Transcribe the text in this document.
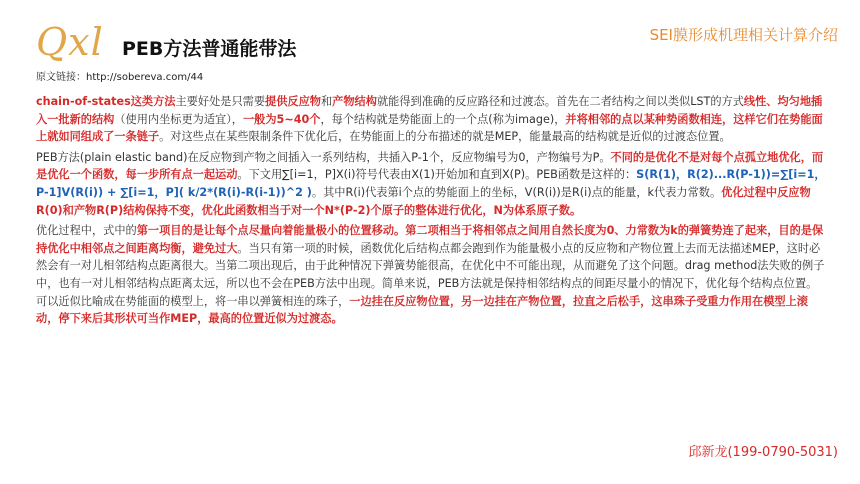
Qxl PEB方法普通能带法
SEI膜形成机理相关计算介绍
原文链接：http://sobereva.com/44

chain-of-states这类方法主要好处是只需要提供反应物和产物结构就能得到准确的反应路径和过渡态。首先在二者结构之间以类似LST的方式线性、均匀地插入一批新的结构（使用内坐标更为适宜），一般为5~40个，每个结构就是势能面上的一个点(称为image)，并将相邻的点以某种势函数相连，这样它们在势能面上就如同组成了一条链子。对这些点在某些限制条件下优化后，在势能面上的分布描述的就是MEP，能量最高的结构就是近似的过渡态位置。

PEB方法(plain elastic band)在反应物到产物之间插入一系列结构，共插入P-1个，反应物编号为0，产物编号为P。不同的是优化不是对每个点孤立地优化，而是优化一个函数，每一步所有点一起运动。下文用∑[i=1，P]X(i)符号代表由X(1)开始加和直到X(P)。PEB函数是这样的：S(R(1)，R(2)...R(P-1))=∑[i=1，P-1]V(R(i)) + ∑[i=1，P]( k/2*(R(i)-R(i-1))^2 )。其中R(i)代表第i个点的势能面上的坐标，V(R(i))是R(i)点的能量，k代表力常数。优化过程中反应物R(0)和产物R(P)结构保持不变，优化此函数相当于对一个N*(P-2)个原子的整体进行优化，N为体系原子数。

优化过程中，式中的第一项目的是让每个点尽量向着能量极小的位置移动。第二项相当于将相邻点之间用自然长度为0、力常数为k的弹簧势连了起来，目的是保持优化中相邻点之间距离均衡，避免过大。当只有第一项的时候，函数优化后结构点都会跑到作为能量极小点的反应物和产物位置上去而无法描述MEP，这时必然会有一对儿相邻结构点距离很大。当第二项出现后，由于此种情况下弹簧势能很高，在优化中不可能出现，从而避免了这个问题。drag method法失败的例子中，也有一对儿相邻结构点距离太远，所以也不会在PEB方法中出现。简单来说，PEB方法就是保持相邻结构点的间距尽量小的情况下，优化每个结构点位置。可以近似比喻成在势能面的模型上，将一串以弹簧相连的珠子，一边挂在反应物位置，另一边挂在产物位置，拉直之后松手，这串珠子受重力作用在模型上滚动，停下来后其形状可当作MEP，最高的位置近似为过渡态。

邱新龙(199-0790-5031)
